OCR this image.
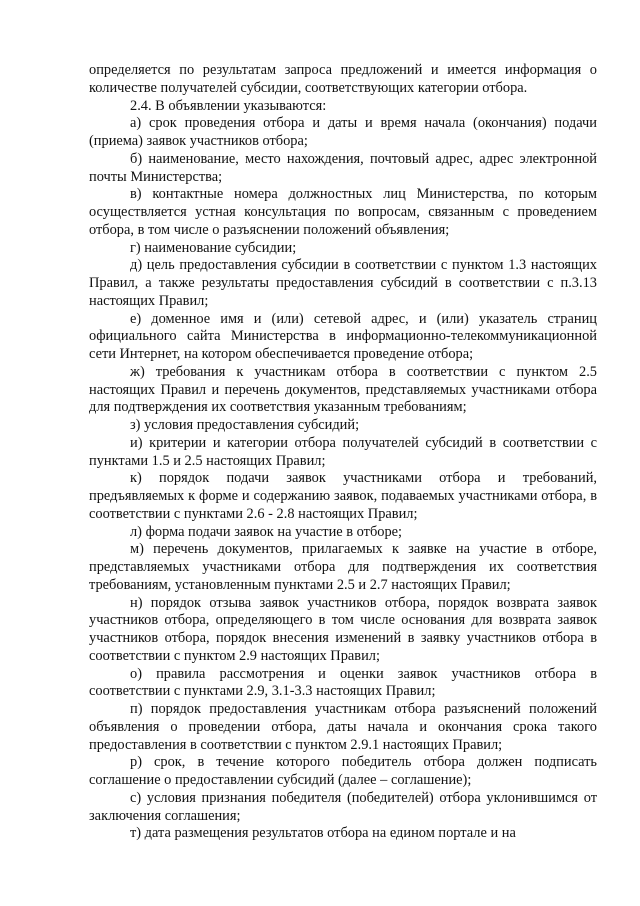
определяется по результатам запроса предложений и имеется информация о количестве получателей субсидии, соответствующих категории отбора.

2.4. В объявлении указываются:

а) срок проведения отбора и даты и время начала (окончания) подачи (приема) заявок участников отбора;

б) наименование, место нахождения, почтовый адрес, адрес электронной почты Министерства;

в) контактные номера должностных лиц Министерства, по которым осуществляется устная консультация по вопросам, связанным с проведением отбора, в том числе о разъяснении положений объявления;

г) наименование субсидии;

д) цель предоставления субсидии в соответствии с пунктом 1.3 настоящих Правил, а также результаты предоставления субсидий в соответствии с п.3.13 настоящих Правил;

е) доменное имя и (или) сетевой адрес, и (или) указатель страниц официального сайта Министерства в информационно-телекоммуникационной сети Интернет, на котором обеспечивается проведение отбора;

ж) требования к участникам отбора в соответствии с пунктом 2.5 настоящих Правил и перечень документов, представляемых участниками отбора для подтверждения их соответствия указанным требованиям;

з) условия предоставления субсидий;

и) критерии и категории отбора получателей субсидий в соответствии с пунктами 1.5 и 2.5 настоящих Правил;

к) порядок подачи заявок участниками отбора и требований, предъявляемых к форме и содержанию заявок, подаваемых участниками отбора, в соответствии с пунктами 2.6 - 2.8 настоящих Правил;

л) форма подачи заявок на участие в отборе;

м) перечень документов, прилагаемых к заявке на участие в отборе, представляемых участниками отбора для подтверждения их соответствия требованиям, установленным пунктами 2.5 и 2.7 настоящих Правил;

н) порядок отзыва заявок участников отбора, порядок возврата заявок участников отбора, определяющего в том числе основания для возврата заявок участников отбора, порядок внесения изменений в заявку участников отбора в соответствии с пунктом 2.9 настоящих Правил;

о) правила рассмотрения и оценки заявок участников отбора в соответствии с пунктами 2.9, 3.1-3.3 настоящих Правил;

п) порядок предоставления участникам отбора разъяснений положений объявления о проведении отбора, даты начала и окончания срока такого предоставления в соответствии с пунктом 2.9.1 настоящих Правил;

р) срок, в течение которого победитель отбора должен подписать соглашение о предоставлении субсидий (далее – соглашение);

с) условия признания победителя (победителей) отбора уклонившимся от заключения соглашения;

т) дата размещения результатов отбора на едином портале и на
